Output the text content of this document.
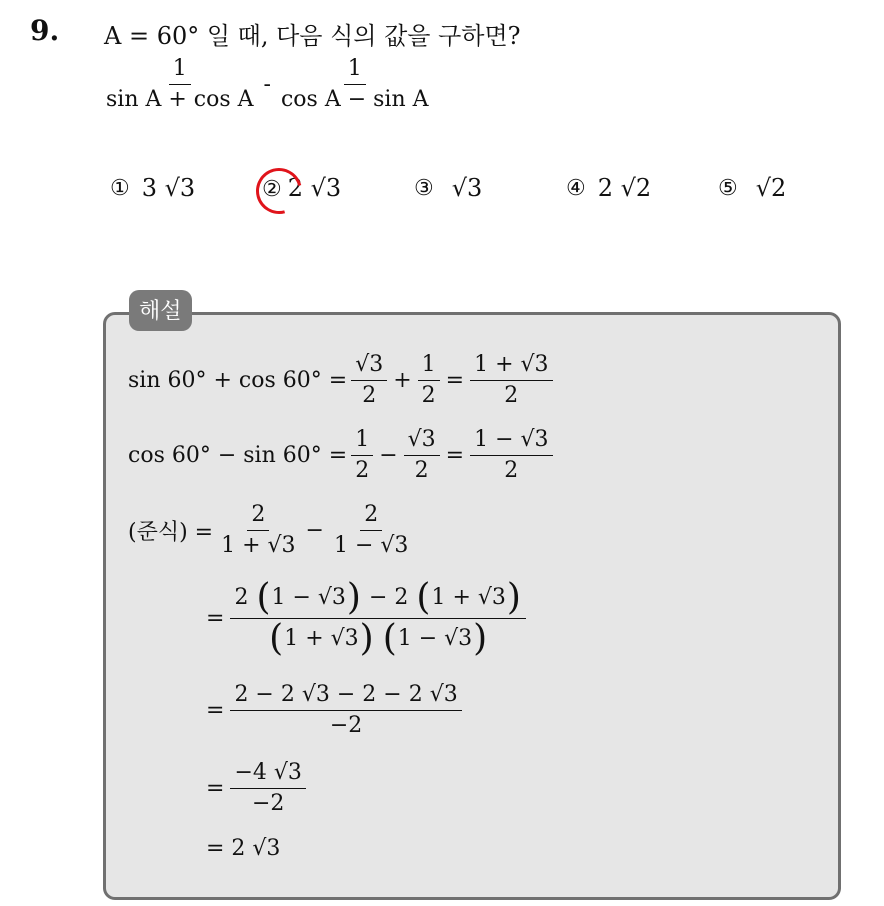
9. A = 60° 일 때, 다음 식의 값을 구하면?
$\frac{1}{\text{sin A + cos A}} - \frac{1}{\text{cos A − sin A}}$
① 3 √3	② 2 √3	③ √3	④ 2 √2	⑤ √2
해설
$\sin 60^\circ + \cos 60^\circ = \frac{√3}{2} + \frac{1}{2} = \frac{1 + √3}{2}$
$\cos 60^\circ - \sin 60^\circ = \frac{1}{2} - \frac{√3}{2} = \frac{1 - √3}{2}$
(준식) = $\frac{2}{1 + √3} - \frac{2}{1 - √3}$
= $\frac{2 (1 - √3) - 2 (1 + √3)}{(1 + √3) (1 - √3)}$
= $\frac{2 - 2 √3 - 2 - 2 √3}{-2}$
= $\frac{-4 √3}{-2}$
= 2 √3
